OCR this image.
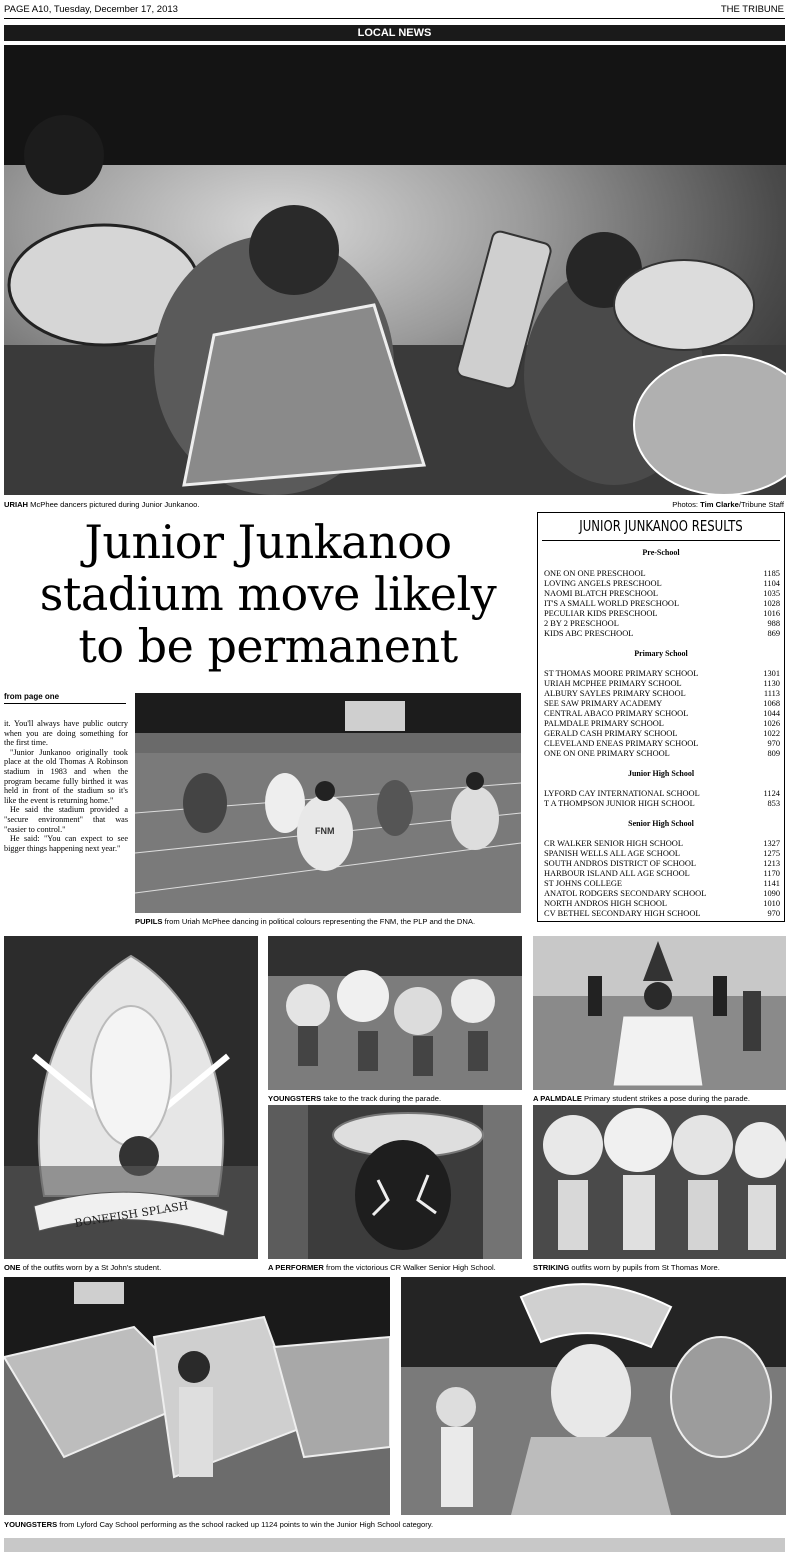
PAGE A10, Tuesday, December 17, 2013	THE TRIBUNE
LOCAL NEWS
URIAH McPhee dancers pictured during Junior Junkanoo.	Photos: Tim Clarke/Tribune Staff
Junior Junkanoo
stadium move likely
to be permanent
from page one

it. You'll always have public outcry when you are doing something for the first time.

"Junior Junkanoo originally took place at the old Thomas A Robinson stadium in 1983 and when the program became fully birthed it was held in front of the stadium so it's like the event is returning home."

He said the stadium provided a "secure environment" that was "easier to control."

He said: "You can expect to see bigger things happening next year."

FNM
PUPILS from Uriah McPhee dancing in political colours representing the FNM, the PLP and the DNA.
JUNIOR JUNKANOO RESULTS
Pre-School
ONE ON ONE PRESCHOOL	1185
LOVING ANGELS PRESCHOOL	1104
NAOMI BLATCH PRESCHOOL	1035
IT'S A SMALL WORLD PRESCHOOL	1028
PECULIAR KIDS PRESCHOOL	1016
2 BY 2 PRESCHOOL	988
KIDS ABC PRESCHOOL	869
Primary School
ST THOMAS MOORE PRIMARY SCHOOL	1301
URIAH MCPHEE PRIMARY SCHOOL	1130
ALBURY SAYLES PRIMARY SCHOOL	1113
SEE SAW PRIMARY ACADEMY	1068
CENTRAL ABACO PRIMARY SCHOOL	1044
PALMDALE PRIMARY SCHOOL	1026
GERALD CASH PRIMARY SCHOOL	1022
CLEVELAND ENEAS PRIMARY SCHOOL	970
ONE ON ONE PRIMARY SCHOOL	809
Junior High School
LYFORD CAY INTERNATIONAL SCHOOL	1124
T A THOMPSON JUNIOR HIGH SCHOOL	853
Senior High School
CR WALKER SENIOR HIGH SCHOOL	1327
SPANISH WELLS ALL AGE SCHOOL	1275
SOUTH ANDROS DISTRICT OF SCHOOL	1213
HARBOUR ISLAND ALL AGE SCHOOL	1170
ST JOHNS COLLEGE	1141
ANATOL RODGERS SECONDARY SCHOOL	1090
NORTH ANDROS HIGH SCHOOL	1010
CV BETHEL SECONDARY HIGH SCHOOL	970
BONEFISH SPLASH
ONE of the outfits worn by a St John's student.
YOUNGSTERS take to the track during the parade.	A PALMDALE Primary student strikes a pose during the parade.
A PERFORMER from the victorious CR Walker Senior High School.	STRIKING outfits worn by pupils from St Thomas More.
YOUNGSTERS from Lyford Cay School performing as the school racked up 1124 points to win the Junior High School category.
